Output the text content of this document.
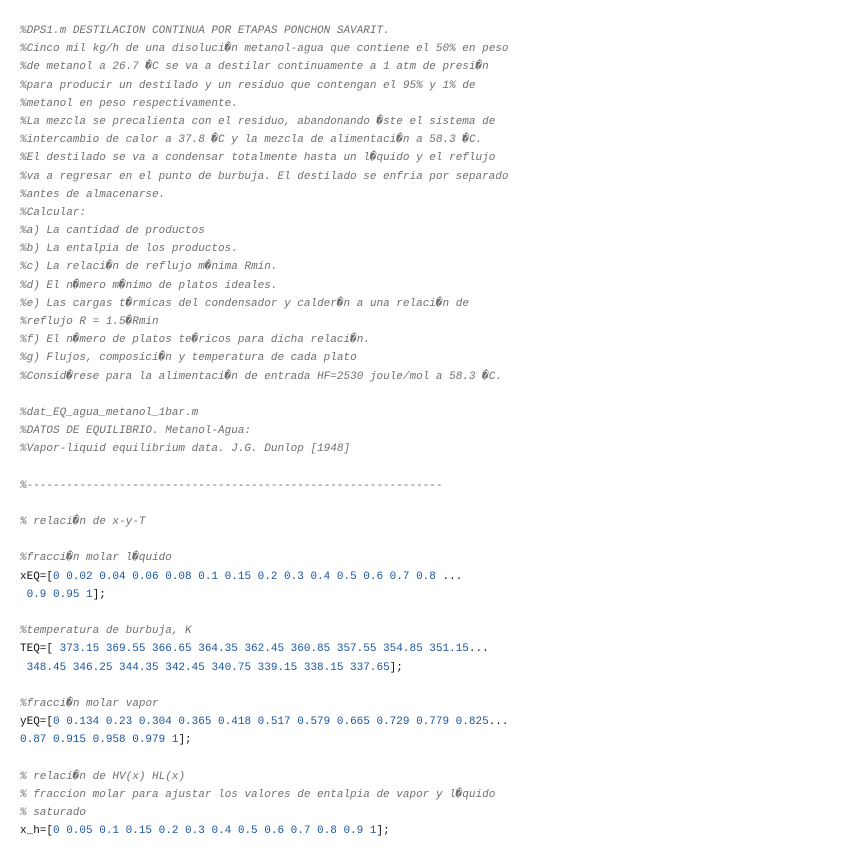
%DPS1.m DESTILACION CONTINUA POR ETAPAS PONCHON SAVARIT.
%Cinco mil kg/h de una disoluci�n metanol-agua que contiene el 50% en peso
%de metanol a 26.7 �C se va a destilar continuamente a 1 atm de presi�n
%para producir un destilado y un residuo que contengan el 95% y 1% de
%metanol en peso respectivamente.
%La mezcla se precalienta con el residuo, abandonando �ste el sistema de
%intercambio de calor a 37.8 �C y la mezcla de alimentaci�n a 58.3 �C.
%El destilado se va a condensar totalmente hasta un l�quido y el reflujo
%va a regresar en el punto de burbuja. El destilado se enfria por separado
%antes de almacenarse.
%Calcular:
%a) La cantidad de productos
%b) La entalpia de los productos.
%c) La relaci�n de reflujo m�nima Rmin.
%d) El n�mero m�nimo de platos ideales.
%e) Las cargas t�rmicas del condensador y calder�n a una relaci�n de
%reflujo R = 1.5�Rmin
%f) El n�mero de platos te�ricos para dicha relaci�n.
%g) Flujos, composici�n y temperatura de cada plato
%Consid�rese para la alimentaci�n de entrada HF=2530 joule/mol a 58.3 �C.
%dat_EQ_agua_metanol_1bar.m
%DATOS DE EQUILIBRIO. Metanol-Agua:
%Vapor-liquid equilibrium data. J.G. Dunlop [1948]
%---------------------------------------------------------------
% relaci�n de x-y-T
%fracci�n molar l�quido
xEQ=[0 0.02 0.04 0.06 0.08 0.1 0.15 0.2 0.3 0.4 0.5 0.6 0.7 0.8 ...
0.9 0.95 1];
%temperatura de burbuja, K
TEQ=[ 373.15 369.55 366.65 364.35 362.45 360.85 357.55 354.85 351.15...
348.45 346.25 344.35 342.45 340.75 339.15 338.15 337.65];
%fracci�n molar vapor
yEQ=[0 0.134 0.23 0.304 0.365 0.418 0.517 0.579 0.665 0.729 0.779 0.825...
0.87 0.915 0.958 0.979 1];
% relaci�n de HV(x) HL(x)
% fraccion molar para ajustar los valores de entalpia de vapor y l�quido
% saturado
x_h=[0 0.05 0.1 0.15 0.2 0.3 0.4 0.5 0.6 0.7 0.8 0.9 1];
